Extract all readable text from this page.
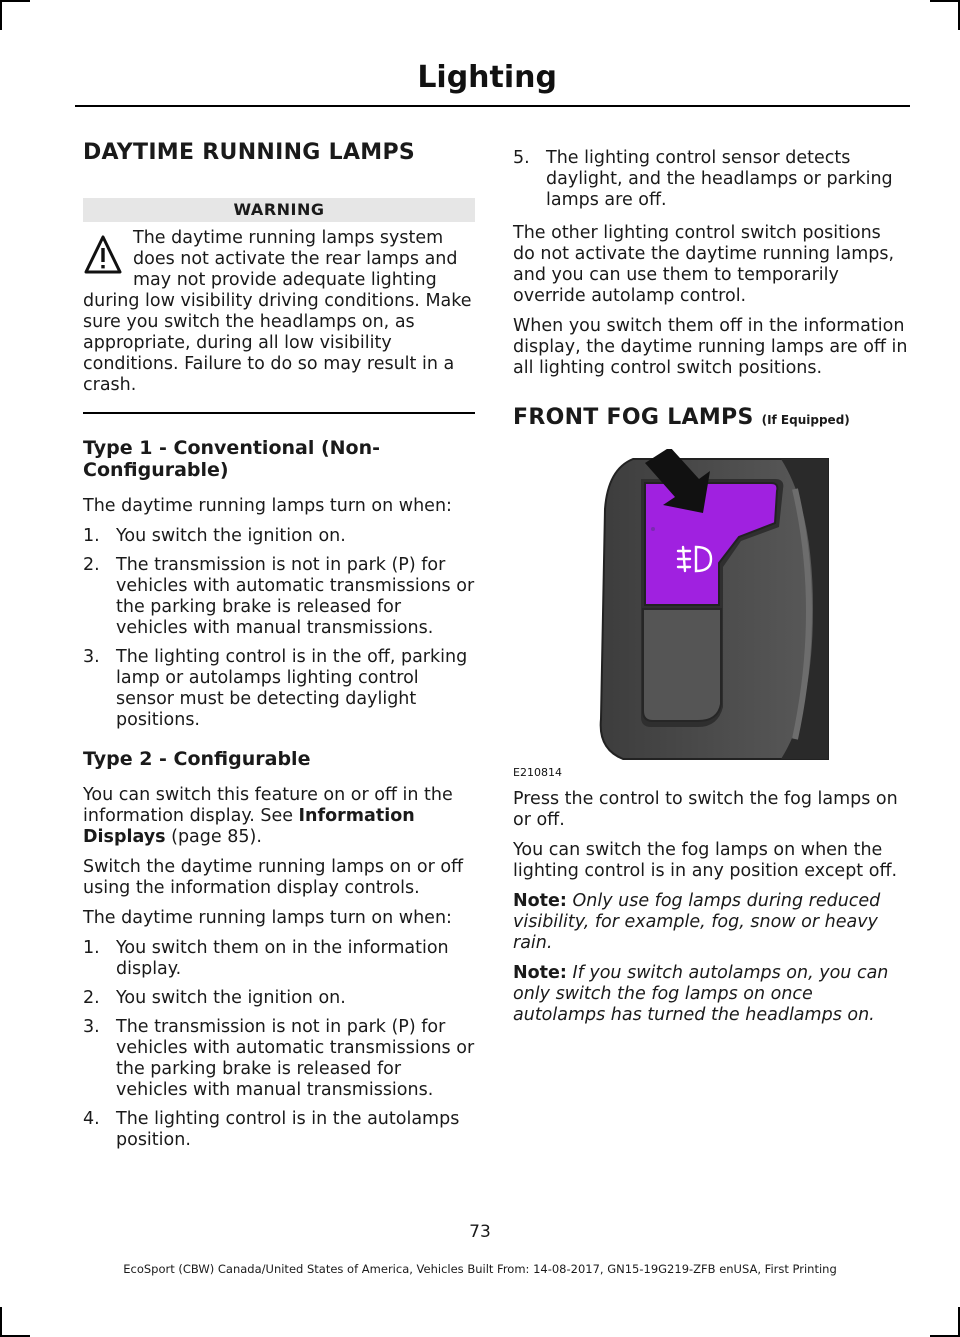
Lighting
DAYTIME RUNNING LAMPS
WARNING
The daytime running lamps system does not activate the rear lamps and may not provide adequate lighting during low visibility driving conditions. Make sure you switch the headlamps on, as appropriate, during all low visibility conditions. Failure to do so may result in a crash.
Type 1 - Conventional (Non-Configurable)

The daytime running lamps turn on when:

1. You switch the ignition on.
2. The transmission is not in park (P) for vehicles with automatic transmissions or the parking brake is released for vehicles with manual transmissions.
3. The lighting control is in the off, parking lamp or autolamps lighting control sensor must be detecting daylight positions.
Type 2 - Configurable

You can switch this feature on or off in the information display. See Information Displays (page 85).

Switch the daytime running lamps on or off using the information display controls.

The daytime running lamps turn on when:

1. You switch them on in the information display.
2. You switch the ignition on.
3. The transmission is not in park (P) for vehicles with automatic transmissions or the parking brake is released for vehicles with manual transmissions.
4. The lighting control is in the autolamps position.
5. The lighting control sensor detects daylight, and the headlamps or parking lamps are off.

The other lighting control switch positions do not activate the daytime running lamps, and you can use them to temporarily override autolamp control.

When you switch them off in the information display, the daytime running lamps are off in all lighting control switch positions.

FRONT FOG LAMPS (If Equipped)
E210814

Press the control to switch the fog lamps on or off.

You can switch the fog lamps on when the lighting control is in any position except off.

Note: Only use fog lamps during reduced visibility, for example, fog, snow or heavy rain.

Note: If you switch autolamps on, you can only switch the fog lamps on once autolamps has turned the headlamps on.

73
EcoSport (CBW) Canada/United States of America, Vehicles Built From: 14-08-2017, GN15-19G219-ZFB enUSA, First Printing
